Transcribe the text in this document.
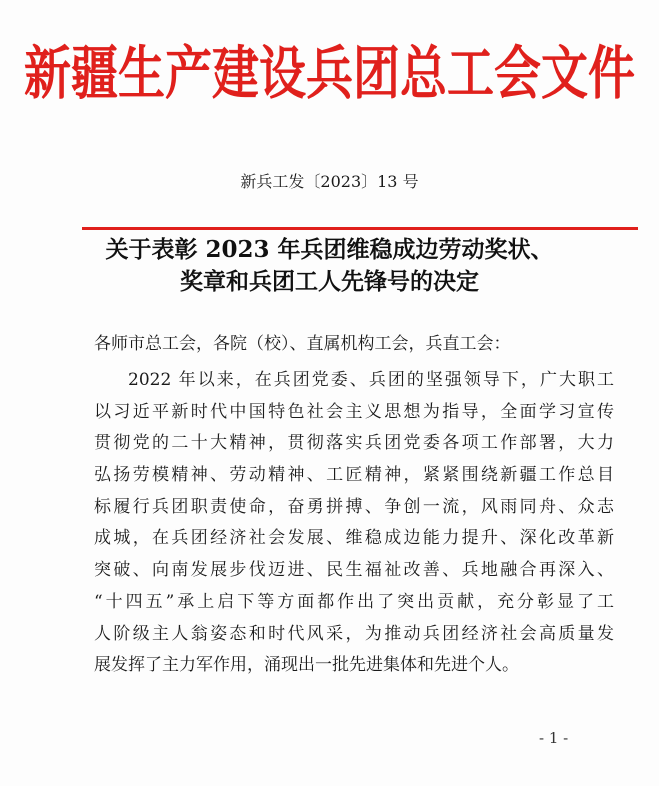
新疆生产建设兵团总工会文件
新兵工发〔2023〕13 号
关于表彰 2023 年兵团维稳成边劳动奖状、
奖章和兵团工人先锋号的决定
各师市总工会，各院（校）、直属机构工会，兵直工会：
2022 年以来，在兵团党委、兵团的坚强领导下，广大职工
以习近平新时代中国特色社会主义思想为指导，全面学习宣传
贯彻党的二十大精神，贯彻落实兵团党委各项工作部署，大力
弘扬劳模精神、劳动精神、工匠精神，紧紧围绕新疆工作总目
标履行兵团职责使命，奋勇拼搏、争创一流，风雨同舟、众志
成城，在兵团经济社会发展、维稳成边能力提升、深化改革新
突破、向南发展步伐迈进、民生福祉改善、兵地融合再深入、
“十四五”承上启下等方面都作出了突出贡献，充分彰显了工
人阶级主人翁姿态和时代风采，为推动兵团经济社会高质量发
展发挥了主力军作用，涌现出一批先进集体和先进个人。
- 1 -
